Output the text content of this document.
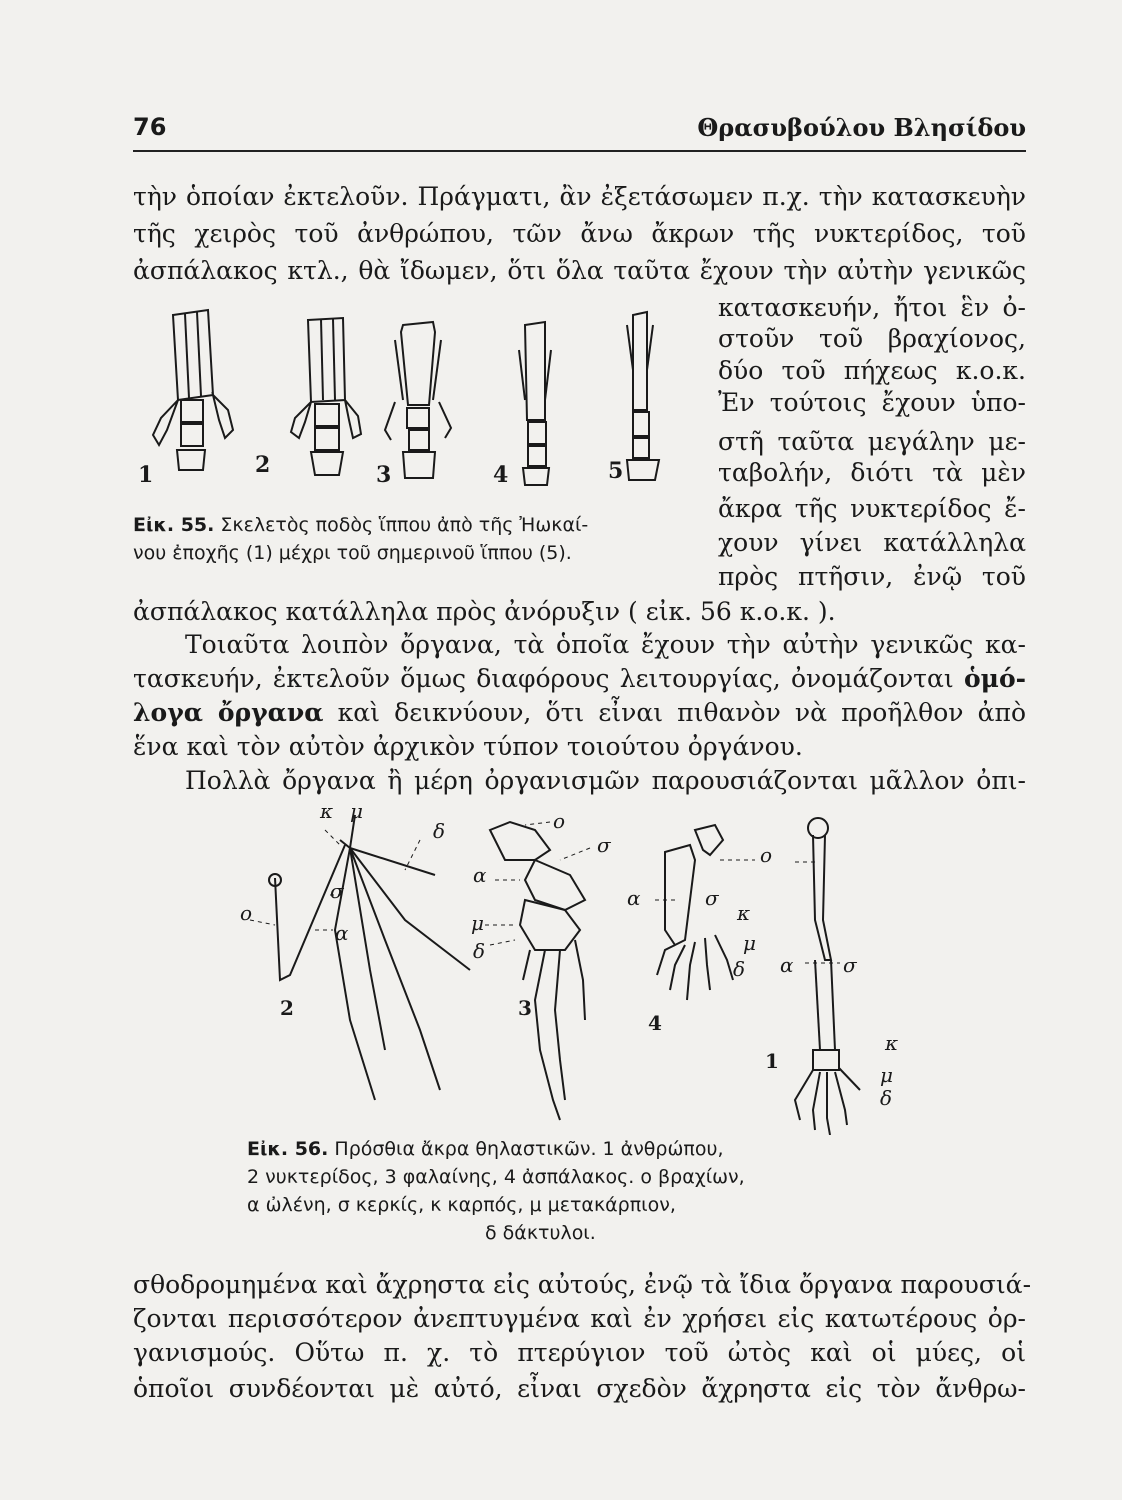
76	Θρασυβούλου Βλησίδου
τὴν ὁποίαν ἐκτελοῦν. Πράγματι, ἂν ἐξετάσωμεν π.χ. τὴν κατασκευὴν
τῆς χειρὸς τοῦ ἀνθρώπου, τῶν ἄνω ἄκρων τῆς νυκτερίδος, τοῦ
ἀσπάλακος κτλ., θὰ ἴδωμεν, ὅτι ὅλα ταῦτα ἔχουν τὴν αὐτὴν γενικῶς
κατασκευήν, ἤτοι ἓν ὀ-
στοῦν τοῦ βραχίονος,
δύο τοῦ πήχεως κ.ο.κ.
Ἐν τούτοις ἔχουν ὑπο-
στῆ ταῦτα μεγάλην με-
ταβολήν, διότι τὰ μὲν
ἄκρα τῆς νυκτερίδος ἔ-
χουν γίνει κατάλληλα
πρὸς πτῆσιν, ἐνῷ τοῦ
1	2	3	4	5
Εἰκ. 55. Σκελετὸς ποδὸς ἵππου ἀπὸ τῆς Ἠωκαί-
νου ἐποχῆς (1) μέχρι τοῦ σημερινοῦ ἵππου (5).
ἀσπάλακος κατάλληλα πρὸς ἀνόρυξιν ( εἰκ. 56 κ.ο.κ. ).
Τοιαῦτα λοιπὸν ὄργανα, τὰ ὁποῖα ἔχουν τὴν αὐτὴν γενικῶς κα-
τασκευήν, ἐκτελοῦν ὅμως διαφόρους λειτουργίας, ὀνομάζονται ὁμό-
λογα ὄργανα καὶ δεικνύουν, ὅτι εἶναι πιθανὸν νὰ προῆλθον ἀπὸ
ἕνα καὶ τὸν αὐτὸν ἀρχικὸν τύπον τοιούτου ὀργάνου.
Πολλὰ ὄργανα ἢ μέρη ὀργανισμῶν παρουσιάζονται μᾶλλον ὀπι-
ο
α
σ
κ μ
δ	ο
σ
α
μ
δ
ο
α	σ
κ
μ
δ α σ
κ
μ
δ
2	3
4
1
Εἰκ. 56. Πρόσθια ἄκρα θηλαστικῶν. 1 ἀνθρώπου,
2 νυκτερίδος, 3 φαλαίνης, 4 ἀσπάλακος. ο βραχίων,
α ὠλένη, σ κερκίς, κ καρπός, μ μετακάρπιον,
δ δάκτυλοι.
σθοδρομημένα καὶ ἄχρηστα εἰς αὐτούς, ἐνῷ τὰ ἴδια ὄργανα παρουσιά-
ζονται περισσότερον ἀνεπτυγμένα καὶ ἐν χρήσει εἰς κατωτέρους ὀρ-
γανισμούς. Οὕτω π. χ. τὸ πτερύγιον τοῦ ὠτὸς καὶ οἱ μύες, οἱ
ὁποῖοι συνδέονται μὲ αὐτό, εἶναι σχεδὸν ἄχρηστα εἰς τὸν ἄνθρω-
